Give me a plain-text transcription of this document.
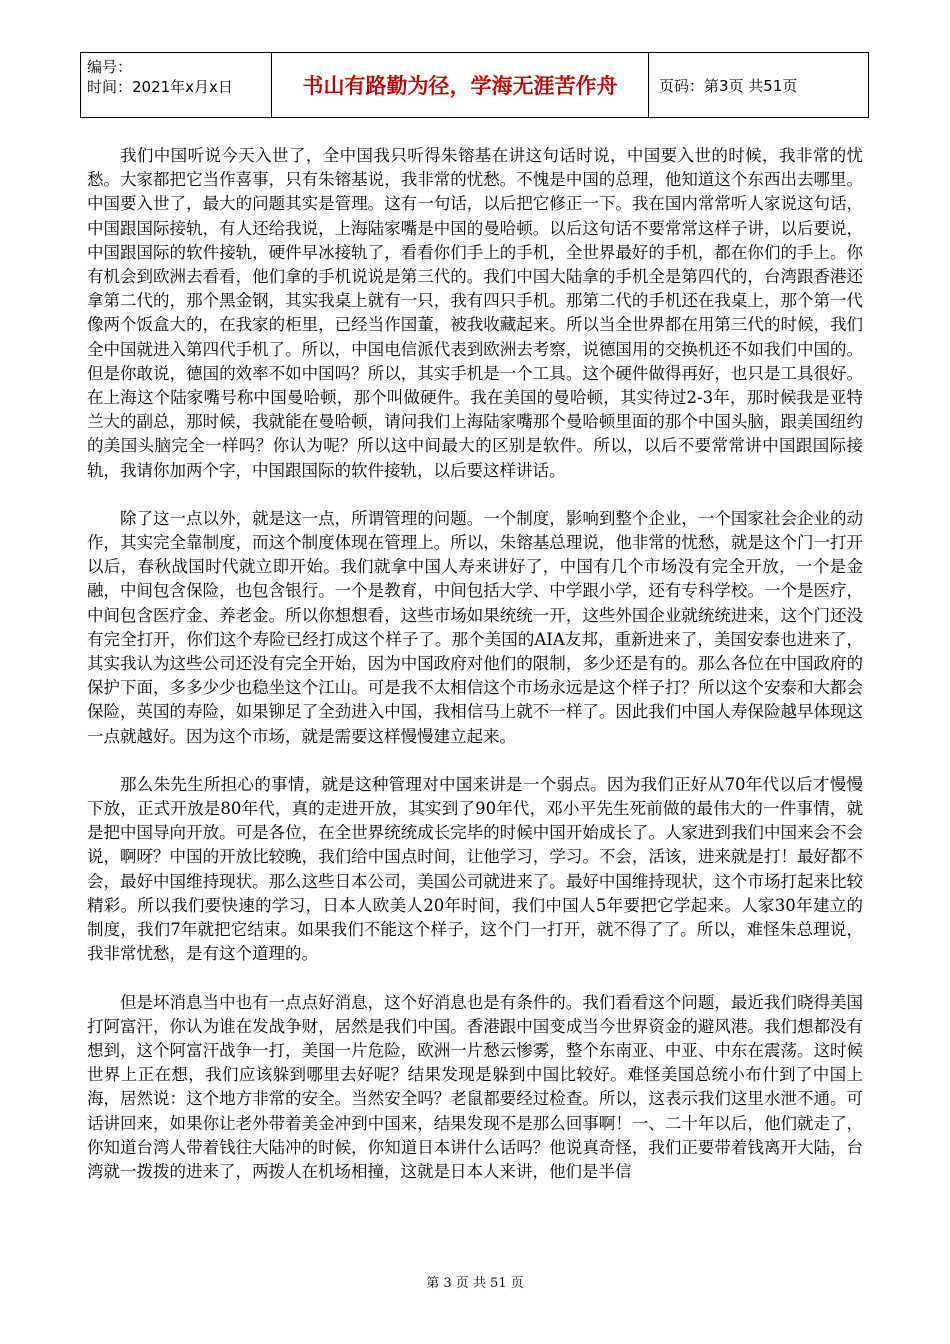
编号：
时间：2021年x月x日	书山有路勤为径，学海无涯苦作舟	页码：第3页 共51页

我们中国听说今天入世了，全中国我只听得朱镕基在讲这句话时说，中国要入世的时候，我非常的忧愁。大家都把它当作喜事，只有朱镕基说，我非常的忧愁。不愧是中国的总理，他知道这个东西出去哪里。中国要入世了，最大的问题其实是管理。这有一句话，以后把它修正一下。我在国内常常听人家说这句话，中国跟国际接轨，有人还给我说，上海陆家嘴是中国的曼哈顿。以后这句话不要常常这样子讲，以后要说，中国跟国际的软件接轨，硬件早冰接轨了，看看你们手上的手机，全世界最好的手机，都在你们的手上。你有机会到欧洲去看看，他们拿的手机说说是第三代的。我们中国大陆拿的手机全是第四代的，台湾跟香港还拿第二代的，那个黑金钢，其实我桌上就有一只，我有四只手机。那第二代的手机还在我桌上，那个第一代像两个饭盒大的，在我家的柜里，已经当作国董，被我收藏起来。所以当全世界都在用第三代的时候，我们全中国就进入第四代手机了。所以，中国电信派代表到欧洲去考察，说德国用的交换机还不如我们中国的。但是你敢说，德国的效率不如中国吗？所以，其实手机是一个工具。这个硬件做得再好，也只是工具很好。在上海这个陆家嘴号称中国曼哈顿，那个叫做硬件。我在美国的曼哈顿，其实待过2-3年，那时候我是亚特兰大的副总，那时候，我就能在曼哈顿，请问我们上海陆家嘴那个曼哈顿里面的那个中国头脑，跟美国纽约的美国头脑完全一样吗？你认为呢？所以这中间最大的区别是软件。所以，以后不要常常讲中国跟国际接轨，我请你加两个字，中国跟国际的软件接轨，以后要这样讲话。

除了这一点以外，就是这一点，所谓管理的问题。一个制度，影响到整个企业，一个国家社会企业的动作，其实完全靠制度，而这个制度体现在管理上。所以，朱镕基总理说，他非常的忧愁，就是这个门一打开以后，春秋战国时代就立即开始。我们就拿中国人寿来讲好了，中国有几个市场没有完全开放，一个是金融，中间包含保险，也包含银行。一个是教育，中间包括大学、中学跟小学，还有专科学校。一个是医疗，中间包含医疗金、养老金。所以你想想看，这些市场如果统统一开，这些外国企业就统统进来，这个门还没有完全打开，你们这个寿险已经打成这个样子了。那个美国的AIA友邦，重新进来了，美国安泰也进来了，其实我认为这些公司还没有完全开始，因为中国政府对他们的限制，多少还是有的。那么各位在中国政府的保护下面，多多少少也稳坐这个江山。可是我不太相信这个市场永远是这个样子打？所以这个安泰和大都会保险，英国的寿险，如果铆足了全劲进入中国，我相信马上就不一样了。因此我们中国人寿保险越早体现这一点就越好。因为这个市场，就是需要这样慢慢建立起来。

那么朱先生所担心的事情，就是这种管理对中国来讲是一个弱点。因为我们正好从70年代以后才慢慢下放，正式开放是80年代，真的走进开放，其实到了90年代，邓小平先生死前做的最伟大的一件事情，就是把中国导向开放。可是各位，在全世界统统成长完毕的时候中国开始成长了。人家进到我们中国来会不会说，啊呀？中国的开放比较晚，我们给中国点时间，让他学习，学习。不会，活该，进来就是打！最好都不会，最好中国维持现状。那么这些日本公司，美国公司就进来了。最好中国维持现状，这个市场打起来比较精彩。所以我们要快速的学习，日本人欧美人20年时间，我们中国人5年要把它学起来。人家30年建立的制度，我们7年就把它结束。如果我们不能这个样子，这个门一打开，就不得了了。所以，难怪朱总理说，我非常忧愁，是有这个道理的。

但是坏消息当中也有一点点好消息，这个好消息也是有条件的。我们看看这个问题，最近我们晓得美国打阿富汗，你认为谁在发战争财，居然是我们中国。香港跟中国变成当今世界资金的避风港。我们想都没有想到，这个阿富汗战争一打，美国一片危险，欧洲一片愁云惨雾，整个东南亚、中亚、中东在震荡。这时候世界上正在想，我们应该躲到哪里去好呢？结果发现是躲到中国比较好。难怪美国总统小布什到了中国上海，居然说：这个地方非常的安全。当然安全吗？老鼠都要经过检查。所以，这表示我们这里水泄不通。可话讲回来，如果你让老外带着美金冲到中国来，结果发现不是那么回事啊！一、二十年以后，他们就走了，你知道台湾人带着钱往大陆冲的时候，你知道日本讲什么话吗？他说真奇怪，我们正要带着钱离开大陆，台湾就一拨拨的进来了，两拨人在机场相撞，这就是日本人来讲，他们是半信

第 3 页 共 51 页
